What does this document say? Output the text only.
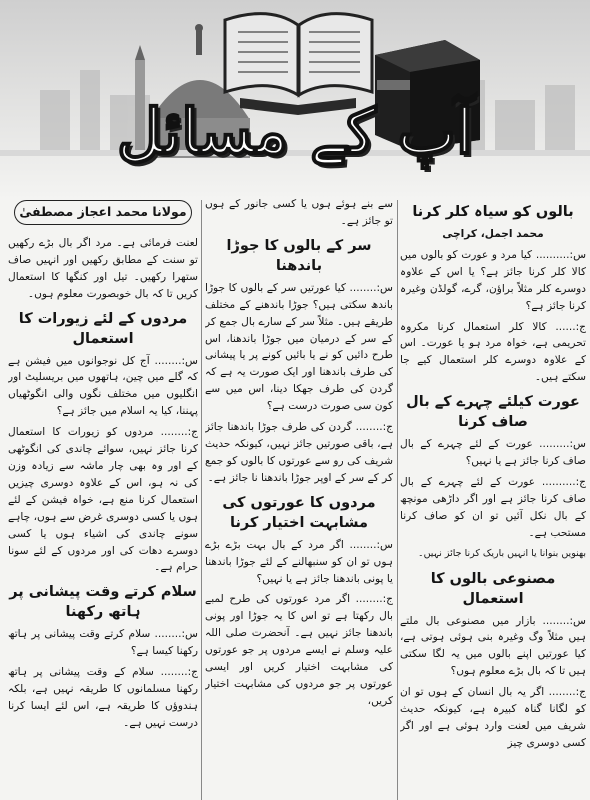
آپ کے مسائل
بالوں کو سیاہ کلر کرنا
محمد اجمل، کراچی

س:.......... کیا مرد و عورت کو بالوں میں کالا کلر کرنا جائز ہے؟ یا اس کے علاوہ دوسرے کلر مثلاً براؤن، گرے، گولڈن وغیرہ کرنا جائز ہے؟

ج:...... کالا کلر استعمال کرنا مکروہ تحریمی ہے، خواہ مرد ہو یا عورت۔ اس کے علاوہ دوسرے کلر استعمال کیے جا سکتے ہیں۔

عورت کیلئے چہرے کے بال صاف کرنا

س:......... عورت کے لئے چہرے کے بال صاف کرنا جائز ہے یا نہیں؟

ج:.......... عورت کے لئے چہرے کے بال صاف کرنا جائز ہے اور اگر داڑھی مونچھ کے بال نکل آئیں تو ان کو صاف کرنا مستحب ہے۔

بھنویں بنوانا یا انہیں باریک کرنا جائز نہیں۔

مصنوعی بالوں کا استعمال

س:........ بازار میں مصنوعی بال ملتے ہیں مثلاً وگ وغیرہ بنی ہوئی ہوتی ہے، کیا عورتیں اپنے بالوں میں یہ لگا سکتی ہیں تا کہ بال بڑے معلوم ہوں؟

ج:........ اگر یہ بال انسان کے ہوں تو ان کو لگانا گناہ کبیرہ ہے، کیونکہ حدیث شریف میں لعنت وارد ہوئی ہے اور اگر کسی دوسری چیز

سے بنے ہوئے ہوں یا کسی جانور کے ہوں تو جائز ہے۔

سر کے بالوں کا جوڑا باندھنا

س:........ کیا عورتیں سر کے بالوں کا جوڑا باندھ سکتی ہیں؟ جوڑا باندھنے کے مختلف طریقے ہیں۔ مثلاً سر کے سارے بال جمع کر کے سر کے درمیان میں جوڑا باندھنا، اس طرح دائیں کو نے یا بائیں کونے پر یا پیشانی کی طرف باندھنا اور ایک صورت یہ ہے کہ گردن کی طرف جھکا دینا، اس میں سے کون سی صورت درست ہے؟

ج:........ گردن کی طرف جوڑا باندھنا جائز ہے، باقی صورتیں جائز نہیں، کیونکہ حدیث شریف کی رو سے عورتوں کا بالوں کو جمع کر کے سر کے اوپر جوڑا باندھنا نا جائز ہے۔

مردوں کا عورتوں کی مشابہت اختیار کرنا

س:........ اگر مرد کے بال بہت بڑے بڑے ہوں تو ان کو سنبھالنے کے لئے جوڑا باندھنا یا پونی باندھنا جائز ہے یا نہیں؟

ج:........ اگر مرد عورتوں کی طرح لمبے بال رکھتا ہے تو اس کا یہ جوڑا اور پونی باندھنا جائز نہیں ہے۔ آنحضرت صلی اللہ علیہ وسلم نے ایسے مردوں پر جو عورتوں کی مشابہت اختیار کریں اور ایسی عورتوں پر جو مردوں کی مشابہت اختیار کریں،

مولانا محمد اعجاز مصطفیٰ

لعنت فرمائی ہے۔ مرد اگر بال بڑے رکھیں تو سنت کے مطابق رکھیں اور انہیں صاف ستھرا رکھیں۔ تیل اور کنگھا کا استعمال کریں تا کہ بال خوبصورت معلوم ہوں۔

مردوں کے لئے زیورات کا استعمال

س:........ آج کل نوجوانوں میں فیشن ہے کہ گلے میں چین، ہاتھوں میں بریسلیٹ اور انگلیوں میں مختلف نگوں والی انگوٹھیاں پہننا، کیا یہ اسلام میں جائز ہے؟

ج:........ مردوں کو زیورات کا استعمال کرنا جائز نہیں، سوائے چاندی کی انگوٹھی کے اور وہ بھی چار ماشہ سے زیادہ وزن کی نہ ہو، اس کے علاوہ دوسری چیزیں استعمال کرنا منع ہے، خواہ فیشن کے لئے ہوں یا کسی دوسری غرض سے ہوں، چاہے سونے چاندی کی اشیاء ہوں یا کسی دوسرے دھات کی اور مردوں کے لئے سونا حرام ہے۔

سلام کرتے وقت پیشانی پر ہاتھ رکھنا

س:........ سلام کرتے وقت پیشانی پر ہاتھ رکھنا کیسا ہے؟

ج:........ سلام کے وقت پیشانی پر ہاتھ رکھنا مسلمانوں کا طریقہ نہیں ہے، بلکہ ہندوؤں کا طریقہ ہے، اس لئے ایسا کرنا درست نہیں ہے۔
